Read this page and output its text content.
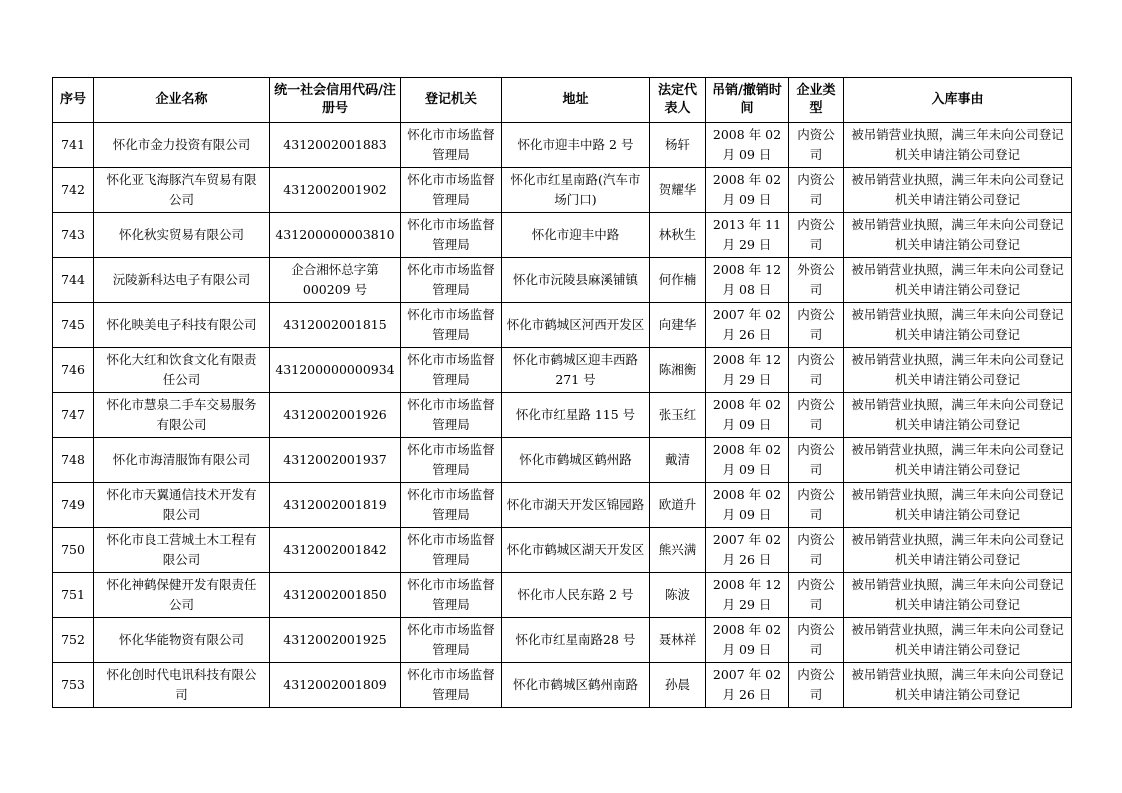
序号	企业名称	统一社会信用代码/注册号	登记机关	地址	法定代表人	吊销/撤销时间	企业类型	入库事由
741	怀化市金力投资有限公司	4312002001883	怀化市市场监督管理局	怀化市迎丰中路 2 号	杨轩	2008 年 02 月 09 日	内资公司	被吊销营业执照，满三年未向公司登记机关申请注销公司登记
742	怀化亚飞海豚汽车贸易有限公司	4312002001902	怀化市市场监督管理局	怀化市红星南路(汽车市场门口)	贺耀华	2008 年 02 月 09 日	内资公司	被吊销营业执照，满三年未向公司登记机关申请注销公司登记
743	怀化秋实贸易有限公司	431200000003810	怀化市市场监督管理局	怀化市迎丰中路	林秋生	2013 年 11 月 29 日	内资公司	被吊销营业执照，满三年未向公司登记机关申请注销公司登记
744	沅陵新科达电子有限公司	企合湘怀总字第000209 号	怀化市市场监督管理局	怀化市沅陵县麻溪铺镇	何作楠	2008 年 12 月 08 日	外资公司	被吊销营业执照，满三年未向公司登记机关申请注销公司登记
745	怀化映美电子科技有限公司	4312002001815	怀化市市场监督管理局	怀化市鹤城区河西开发区	向建华	2007 年 02 月 26 日	内资公司	被吊销营业执照，满三年未向公司登记机关申请注销公司登记
746	怀化大红和饮食文化有限责任公司	431200000000934	怀化市市场监督管理局	怀化市鹤城区迎丰西路 271 号	陈湘衡	2008 年 12 月 29 日	内资公司	被吊销营业执照，满三年未向公司登记机关申请注销公司登记
747	怀化市慧泉二手车交易服务有限公司	4312002001926	怀化市市场监督管理局	怀化市红星路 115 号	张玉红	2008 年 02 月 09 日	内资公司	被吊销营业执照，满三年未向公司登记机关申请注销公司登记
748	怀化市海清服饰有限公司	4312002001937	怀化市市场监督管理局	怀化市鹤城区鹤州路	戴清	2008 年 02 月 09 日	内资公司	被吊销营业执照，满三年未向公司登记机关申请注销公司登记
749	怀化市天翼通信技术开发有限公司	4312002001819	怀化市市场监督管理局	怀化市湖天开发区锦园路	欧道升	2008 年 02 月 09 日	内资公司	被吊销营业执照，满三年未向公司登记机关申请注销公司登记
750	怀化市良工营城土木工程有限公司	4312002001842	怀化市市场监督管理局	怀化市鹤城区湖天开发区	熊兴满	2007 年 02 月 26 日	内资公司	被吊销营业执照，满三年未向公司登记机关申请注销公司登记
751	怀化神鹤保健开发有限责任公司	4312002001850	怀化市市场监督管理局	怀化市人民东路 2 号	陈波	2008 年 12 月 29 日	内资公司	被吊销营业执照，满三年未向公司登记机关申请注销公司登记
752	怀化华能物资有限公司	4312002001925	怀化市市场监督管理局	怀化市红星南路28 号	聂林祥	2008 年 02 月 09 日	内资公司	被吊销营业执照，满三年未向公司登记机关申请注销公司登记
753	怀化创时代电讯科技有限公司	4312002001809	怀化市市场监督管理局	怀化市鹤城区鹤州南路	孙晨	2007 年 02 月 26 日	内资公司	被吊销营业执照，满三年未向公司登记机关申请注销公司登记
